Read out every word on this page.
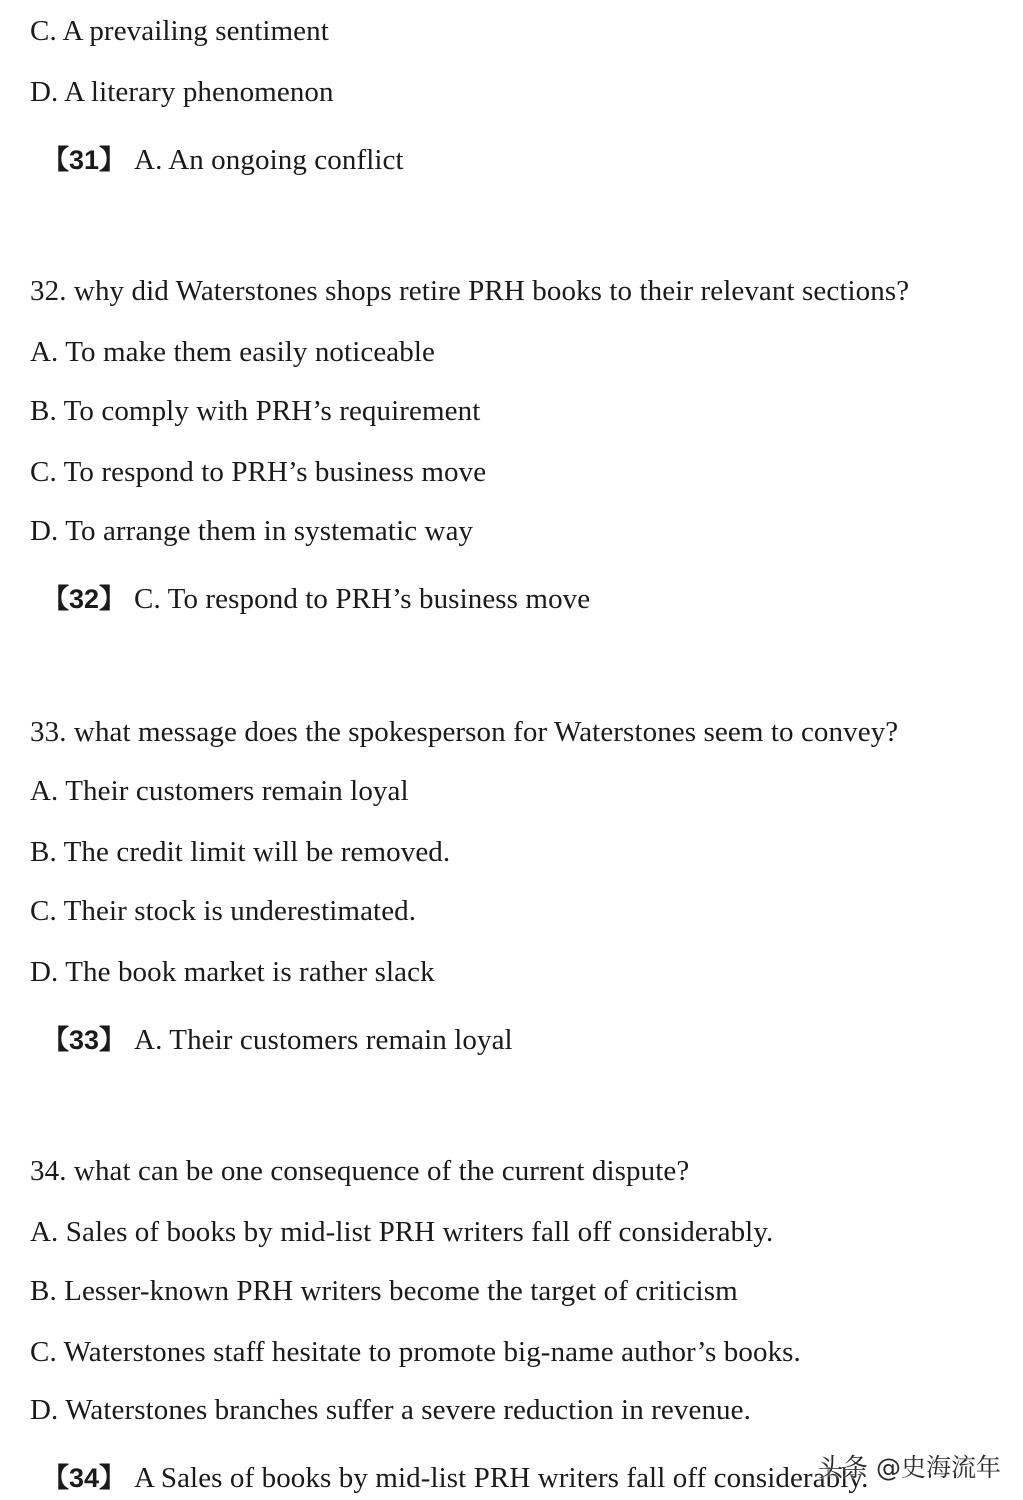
C. A prevailing sentiment
D. A literary phenomenon
【31】 A. An ongoing conflict
32. why did Waterstones shops retire PRH books to their relevant sections?
A. To make them easily noticeable
B. To comply with PRH’s requirement
C. To respond to PRH’s business move
D. To arrange them in systematic way
【32】 C. To respond to PRH’s business move
33. what message does the spokesperson for Waterstones seem to convey?
A. Their customers remain loyal
B. The credit limit will be removed.
C. Their stock is underestimated.
D. The book market is rather slack
【33】 A. Their customers remain loyal
34. what can be one consequence of the current dispute?
A. Sales of books by mid-list PRH writers fall off considerably.
B. Lesser-known PRH writers become the target of criticism
C. Waterstones staff hesitate to promote big-name author’s books.
D. Waterstones branches suffer a severe reduction in revenue.
【34】 A Sales of books by mid-list PRH writers fall off considerably.
头条 @史海流年
